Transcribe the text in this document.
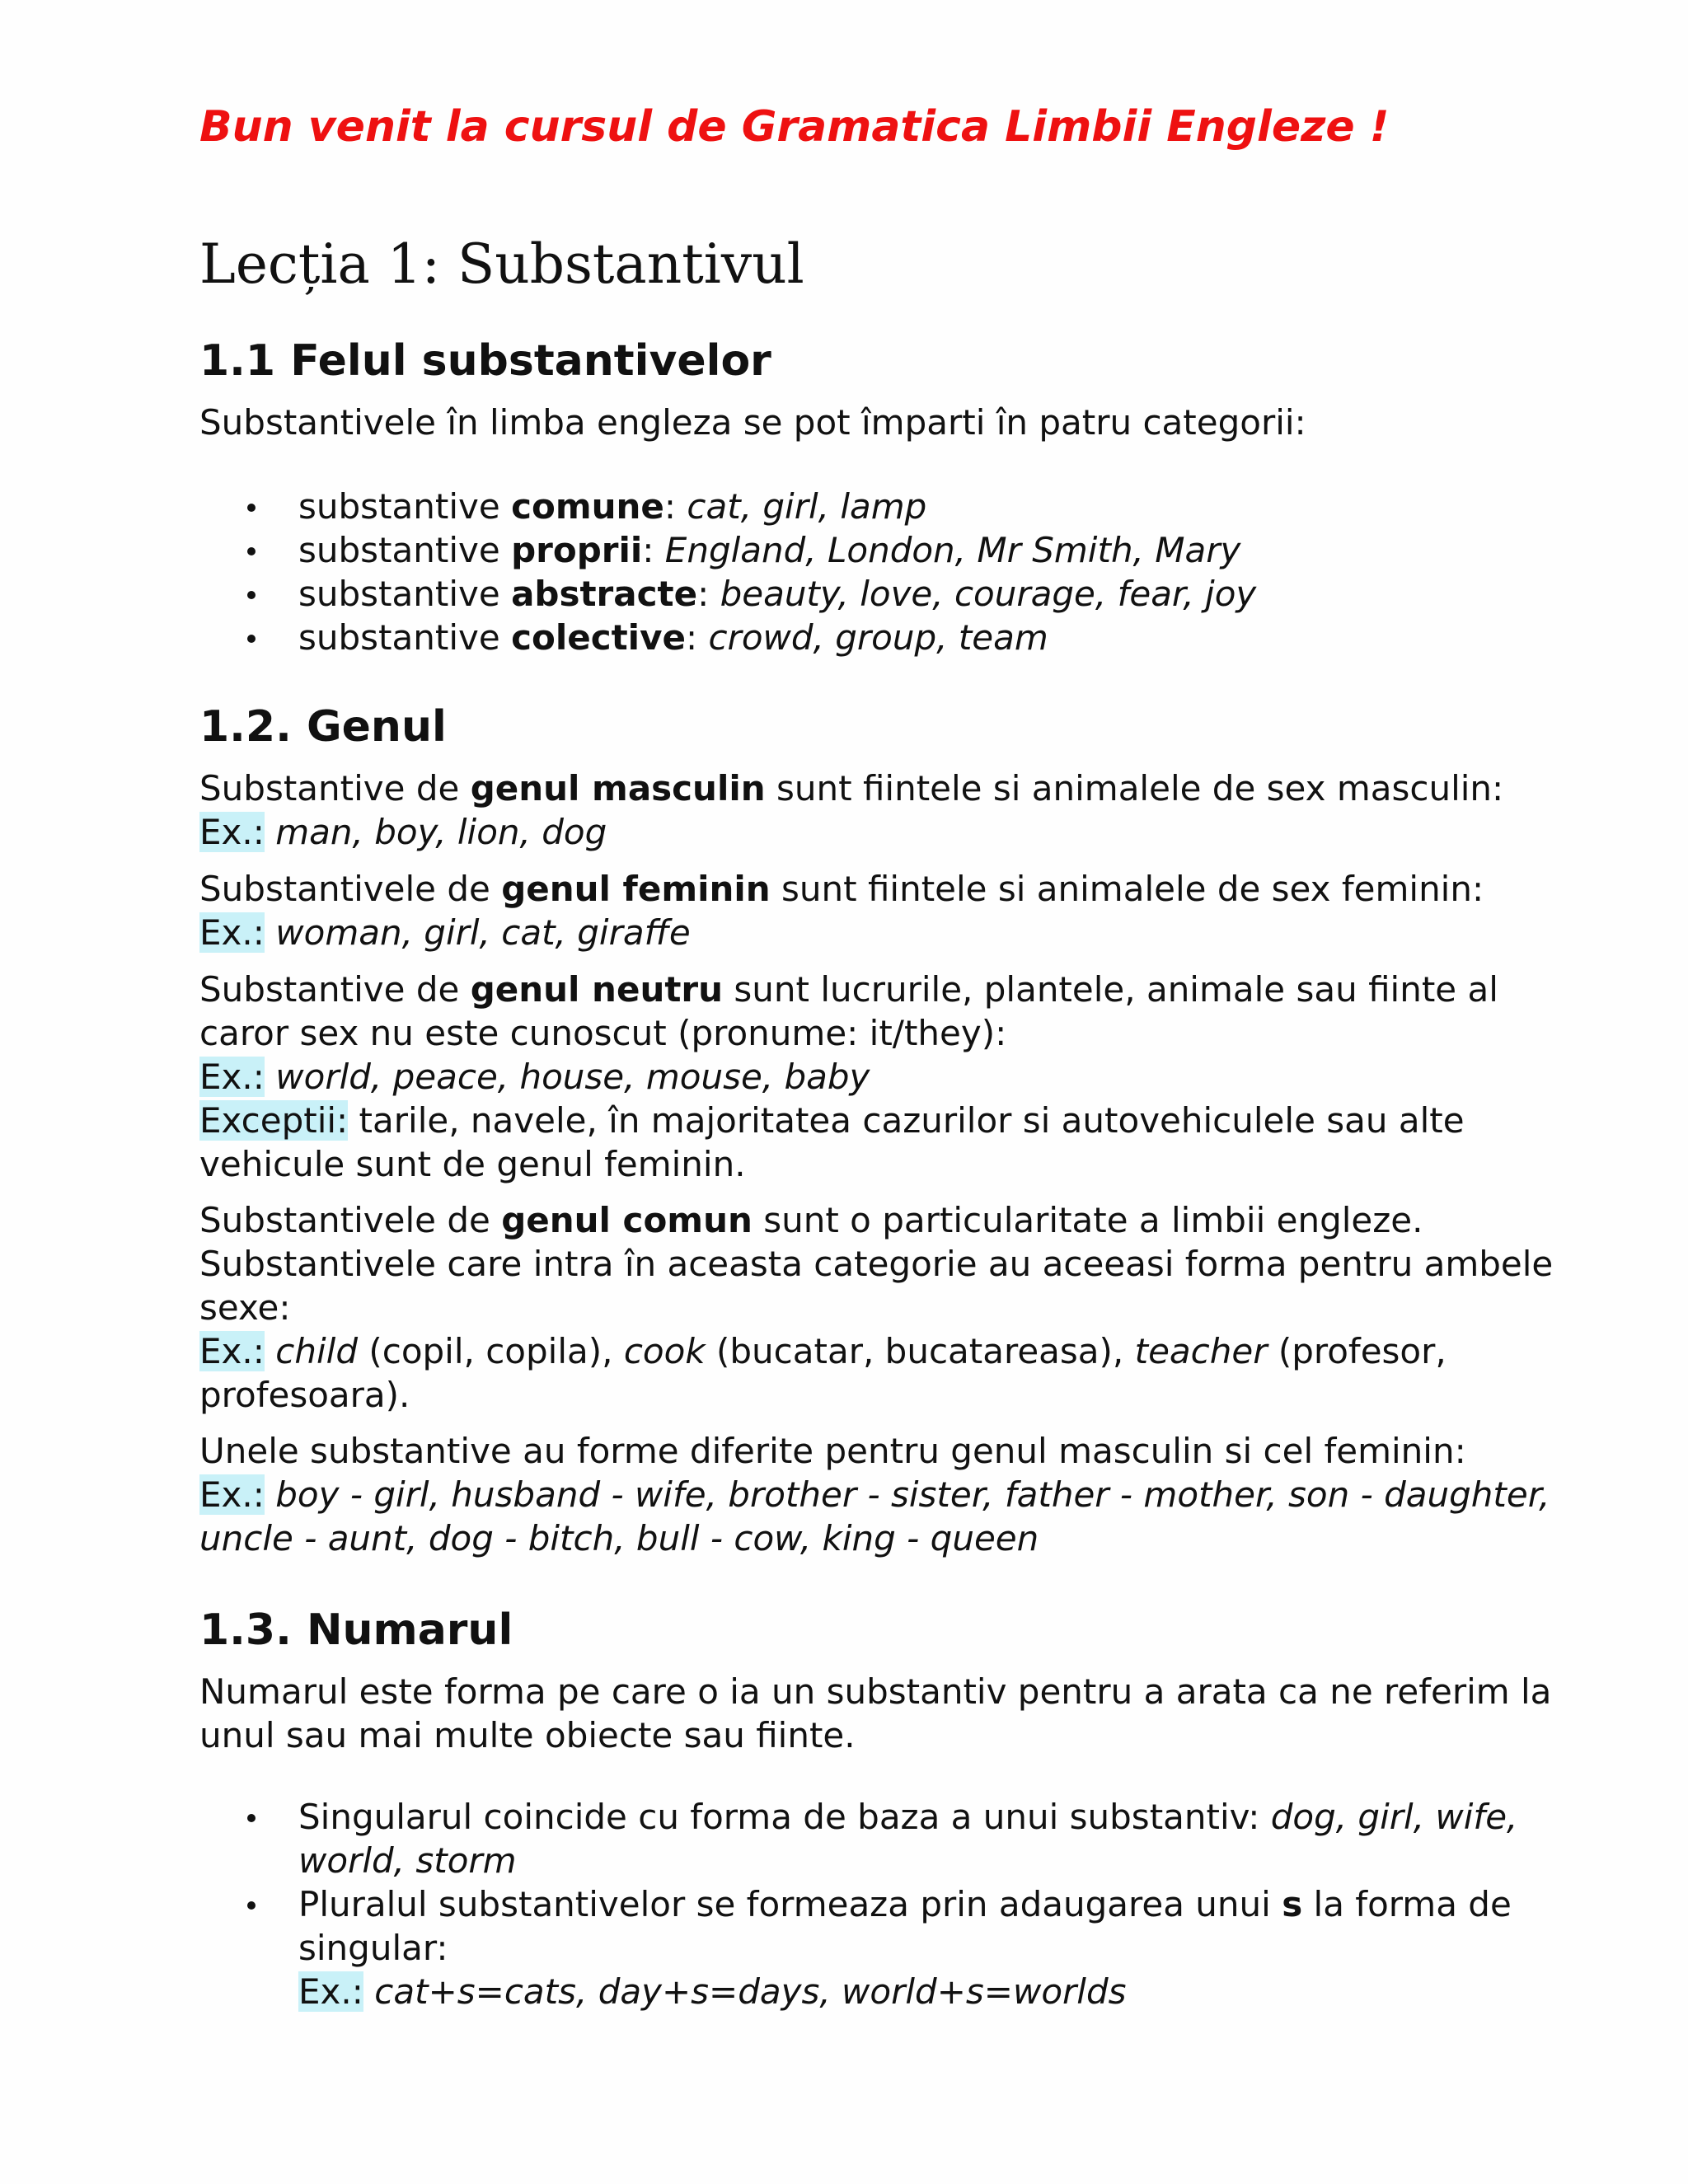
Bun venit la cursul de Gramatica Limbii Engleze !
Lecția 1: Substantivul
1.1 Felul substantivelor

Substantivele în limba engleza se pot împarti în patru categorii:

substantive comune: cat, girl, lamp
substantive proprii: England, London, Mr Smith, Mary
substantive abstracte: beauty, love, courage, fear, joy
substantive colective: crowd, group, team
1.2. Genul

Substantive de genul masculin sunt fiintele si animalele de sex masculin:
Ex.: man, boy, lion, dog

Substantivele de genul feminin sunt fiintele si animalele de sex feminin:
Ex.: woman, girl, cat, giraffe

Substantive de genul neutru sunt lucrurile, plantele, animale sau fiinte al caror sex nu este cunoscut (pronume: it/they):
Ex.: world, peace, house, mouse, baby
Exceptii: tarile, navele, în majoritatea cazurilor si autovehiculele sau alte vehicule sunt de genul feminin.

Substantivele de genul comun sunt o particularitate a limbii engleze. Substantivele care intra în aceasta categorie au aceeasi forma pentru ambele sexe:
Ex.: child (copil, copila), cook (bucatar, bucatareasa), teacher (profesor, profesoara).

Unele substantive au forme diferite pentru genul masculin si cel feminin:
Ex.: boy - girl, husband - wife, brother - sister, father - mother, son - daughter, uncle - aunt, dog - bitch, bull - cow, king - queen

1.3. Numarul

Numarul este forma pe care o ia un substantiv pentru a arata ca ne referim la unul sau mai multe obiecte sau fiinte.

Singularul coincide cu forma de baza a unui substantiv: dog, girl, wife, world, storm
Pluralul substantivelor se formeaza prin adaugarea unui s la forma de singular:
Ex.: cat+s=cats, day+s=days, world+s=worlds
